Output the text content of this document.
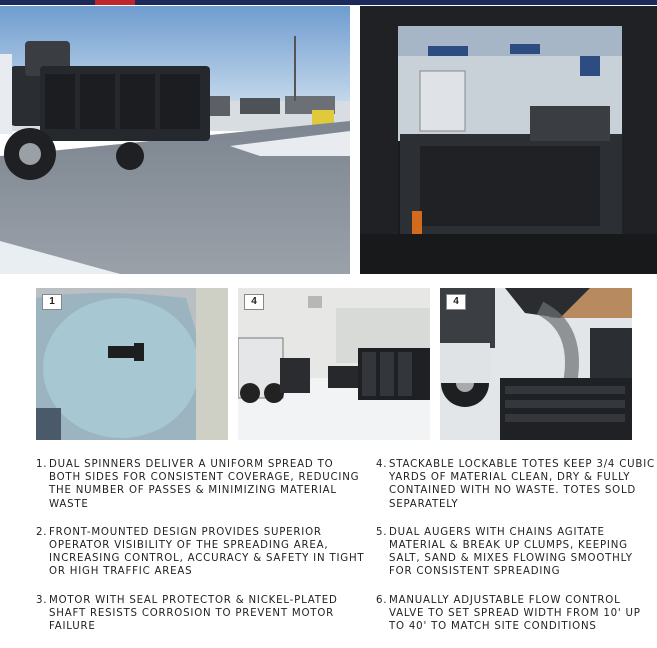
1	4	4
1. DUAL SPINNERS DELIVER A UNIFORM SPREAD TO BOTH SIDES FOR CONSISTENT COVERAGE, REDUCING THE NUMBER OF PASSES & MINIMIZING MATERIAL WASTE
2. FRONT-MOUNTED DESIGN PROVIDES SUPERIOR OPERATOR VISIBILITY OF THE SPREADING AREA, INCREASING CONTROL, ACCURACY & SAFETY IN TIGHT OR HIGH TRAFFIC AREAS
3. MOTOR WITH SEAL PROTECTOR & NICKEL-PLATED SHAFT RESISTS CORROSION TO PREVENT MOTOR FAILURE
4. STACKABLE LOCKABLE TOTES KEEP 3/4 CUBIC YARDS OF MATERIAL CLEAN, DRY & FULLY CONTAINED WITH NO WASTE. TOTES SOLD SEPARATELY
5. DUAL AUGERS WITH CHAINS AGITATE MATERIAL & BREAK UP CLUMPS, KEEPING SALT, SAND & MIXES FLOWING SMOOTHLY FOR CONSISTENT SPREADING
6. MANUALLY ADJUSTABLE FLOW CONTROL VALVE TO SET SPREAD WIDTH FROM 10' UP TO 40' TO MATCH SITE CONDITIONS
